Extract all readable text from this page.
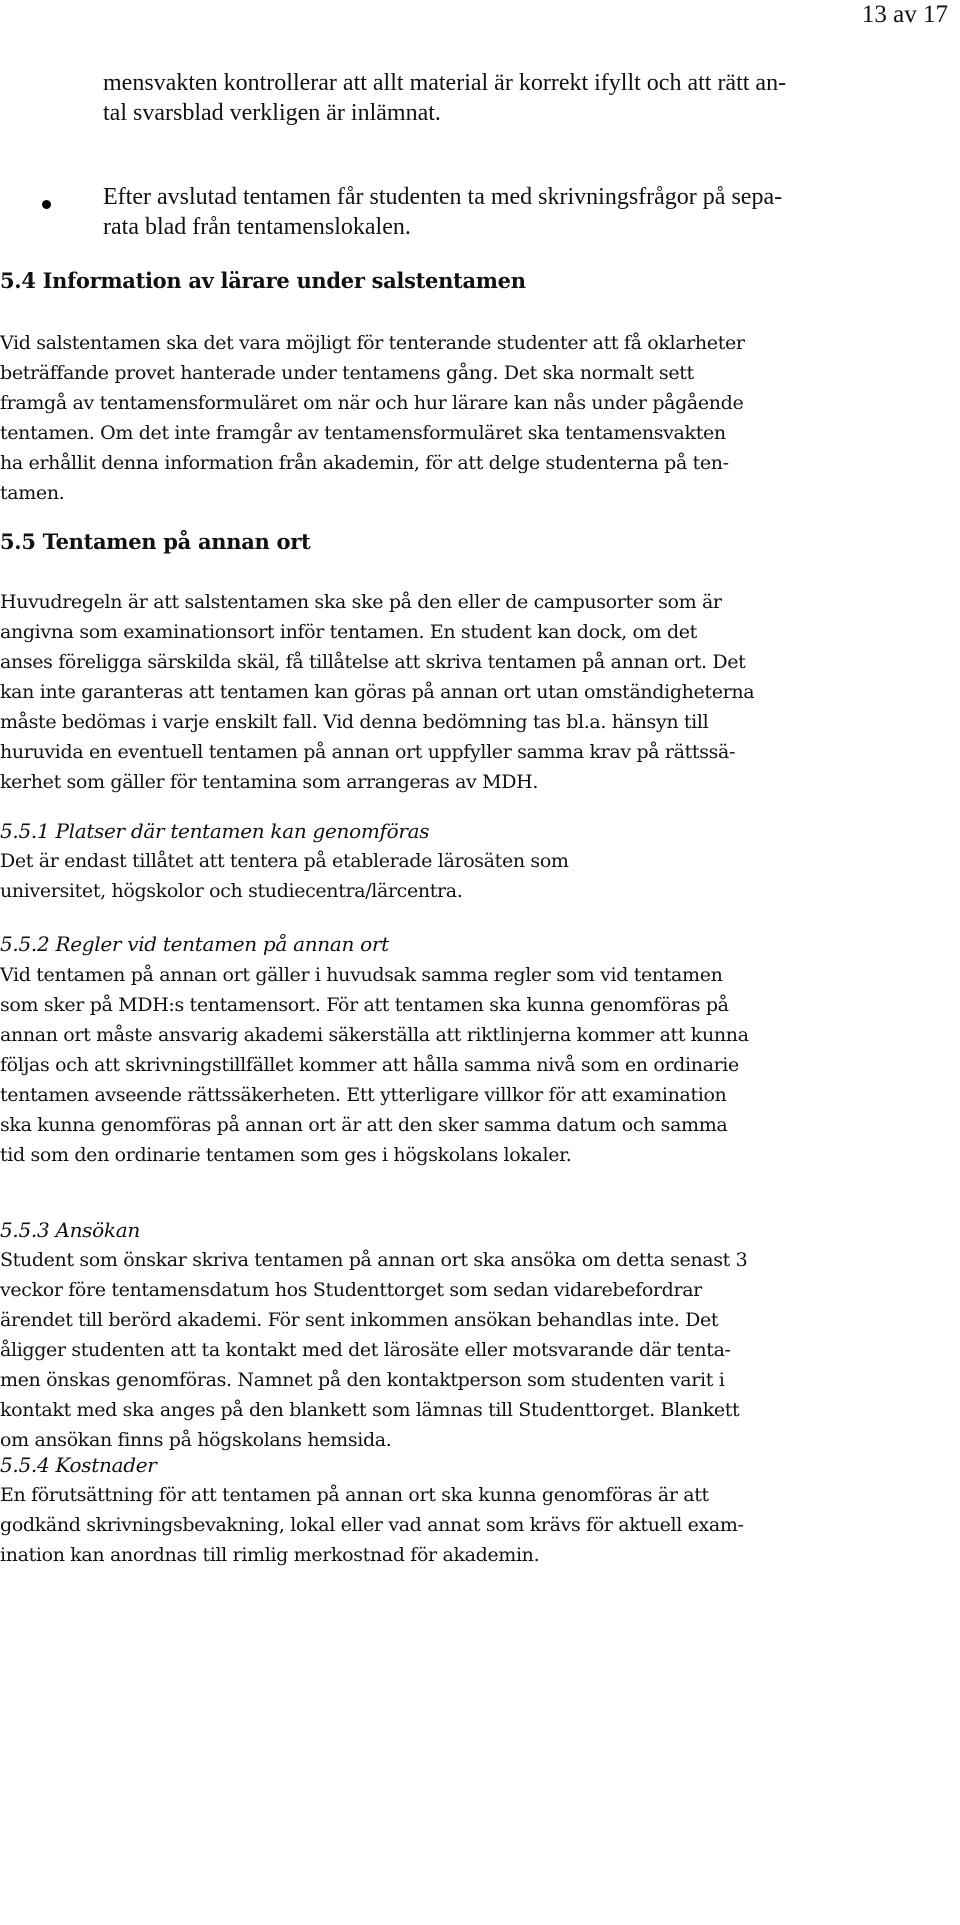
13 av 17
mensvakten kontrollerar att allt material är korrekt ifyllt och att rätt an-
tal svarsblad verkligen är inlämnat.
Efter avslutad tentamen får studenten ta med skrivningsfrågor på sepa-
rata blad från tentamenslokalen.
5.4 Information av lärare under salstentamen
Vid salstentamen ska det vara möjligt för tenterande studenter att få oklarheter
beträffande provet hanterade under tentamens gång. Det ska normalt sett
framgå av tentamensformuläret om när och hur lärare kan nås under pågående
tentamen. Om det inte framgår av tentamensformuläret ska tentamensvakten
ha erhållit denna information från akademin, för att delge studenterna på ten-
tamen.
5.5 Tentamen på annan ort
Huvudregeln är att salstentamen ska ske på den eller de campusorter som är
angivna som examinationsort inför tentamen. En student kan dock, om det
anses föreligga särskilda skäl, få tillåtelse att skriva tentamen på annan ort. Det
kan inte garanteras att tentamen kan göras på annan ort utan omständigheterna
måste bedömas i varje enskilt fall. Vid denna bedömning tas bl.a. hänsyn till
huruvida en eventuell tentamen på annan ort uppfyller samma krav på rättssä-
kerhet som gäller för tentamina som arrangeras av MDH.
5.5.1 Platser där tentamen kan genomföras
Det är endast tillåtet att tentera på etablerade lärosäten som
universitet, högskolor och studiecentra/lärcentra.
5.5.2 Regler vid tentamen på annan ort
Vid tentamen på annan ort gäller i huvudsak samma regler som vid tentamen
som sker på MDH:s tentamensort. För att tentamen ska kunna genomföras på
annan ort måste ansvarig akademi säkerställa att riktlinjerna kommer att kunna
följas och att skrivningstillfället kommer att hålla samma nivå som en ordinarie
tentamen avseende rättssäkerheten. Ett ytterligare villkor för att examination
ska kunna genomföras på annan ort är att den sker samma datum och samma
tid som den ordinarie tentamen som ges i högskolans lokaler.
5.5.3 Ansökan
Student som önskar skriva tentamen på annan ort ska ansöka om detta senast 3
veckor före tentamensdatum hos Studenttorget som sedan vidarebefordrar
ärendet till berörd akademi. För sent inkommen ansökan behandlas inte. Det
åligger studenten att ta kontakt med det lärosäte eller motsvarande där tenta-
men önskas genomföras. Namnet på den kontaktperson som studenten varit i
kontakt med ska anges på den blankett som lämnas till Studenttorget. Blankett
om ansökan finns på högskolans hemsida.
5.5.4 Kostnader
En förutsättning för att tentamen på annan ort ska kunna genomföras är att
godkänd skrivningsbevakning, lokal eller vad annat som krävs för aktuell exam-
ination kan anordnas till rimlig merkostnad för akademin.
